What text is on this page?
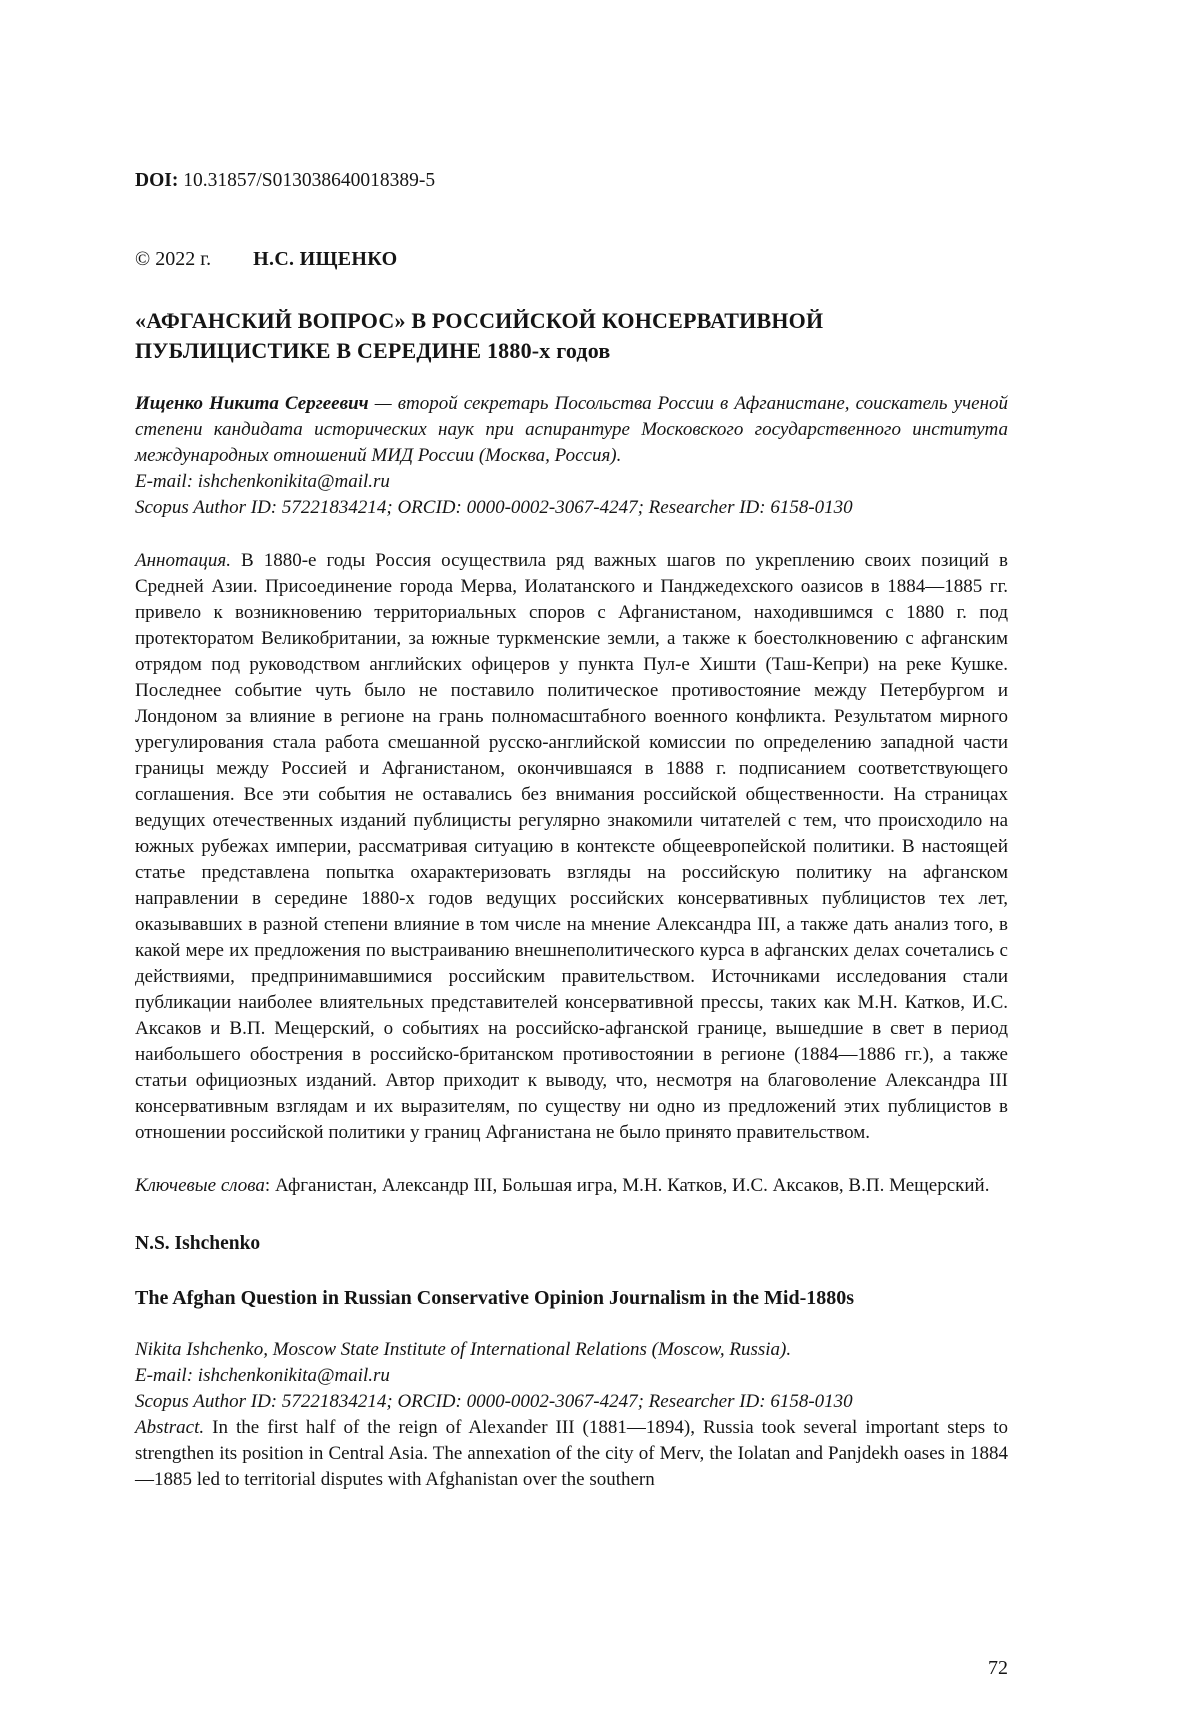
DOI: 10.31857/S013038640018389-5

© 2022 г. Н.С. ИЩЕНКО

«АФГАНСКИЙ ВОПРОС» В РОССИЙСКОЙ КОНСЕРВАТИВНОЙ ПУБЛИЦИСТИКЕ В СЕРЕДИНЕ 1880-х годов

Ищенко Никита Сергеевич — второй секретарь Посольства России в Афганистане, соискатель ученой степени кандидата исторических наук при аспирантуре Московского государственного института международных отношений МИД России (Москва, Россия).

E-mail: ishchenkonikita@mail.ru

Scopus Author ID: 57221834214; ORCID: 0000-0002-3067-4247; Researcher ID: 6158-0130

Аннотация. В 1880-е годы Россия осуществила ряд важных шагов по укреплению своих позиций в Средней Азии. Присоединение города Мерва, Иолатанского и Панджедехского оазисов в 1884—1885 гг. привело к возникновению территориальных споров с Афганистаном, находившимся с 1880 г. под протекторатом Великобритании, за южные туркменские земли, а также к боестолкновению с афганским отрядом под руководством английских офицеров у пункта Пул-е Хишти (Таш-Кепри) на реке Кушке. Последнее событие чуть было не поставило политическое противостояние между Петербургом и Лондоном за влияние в регионе на грань полномасштабного военного конфликта. Результатом мирного урегулирования стала работа смешанной русско-английской комиссии по определению западной части границы между Россией и Афганистаном, окончившаяся в 1888 г. подписанием соответствующего соглашения. Все эти события не оставались без внимания российской общественности. На страницах ведущих отечественных изданий публицисты регулярно знакомили читателей с тем, что происходило на южных рубежах империи, рассматривая ситуацию в контексте общеевропейской политики. В настоящей статье представлена попытка охарактеризовать взгляды на российскую политику на афганском направлении в середине 1880-х годов ведущих российских консервативных публицистов тех лет, оказывавших в разной степени влияние в том числе на мнение Александра III, а также дать анализ того, в какой мере их предложения по выстраиванию внешнеполитического курса в афганских делах сочетались с действиями, предпринимавшимися российским правительством. Источниками исследования стали публикации наиболее влиятельных представителей консервативной прессы, таких как М.Н. Катков, И.С. Аксаков и В.П. Мещерский, о событиях на российско-афганской границе, вышедшие в свет в период наибольшего обострения в российско-британском противостоянии в регионе (1884—1886 гг.), а также статьи официозных изданий. Автор приходит к выводу, что, несмотря на благоволение Александра III консервативным взглядам и их выразителям, по существу ни одно из предложений этих публицистов в отношении российской политики у границ Афганистана не было принято правительством.

Ключевые слова: Афганистан, Александр III, Большая игра, М.Н. Катков, И.С. Аксаков, В.П. Мещерский.

N.S. Ishchenko

The Afghan Question in Russian Conservative Opinion Journalism in the Mid-1880s

Nikita Ishchenko, Moscow State Institute of International Relations (Moscow, Russia).

E-mail: ishchenkonikita@mail.ru

Scopus Author ID: 57221834214; ORCID: 0000-0002-3067-4247; Researcher ID: 6158-0130

Abstract. In the first half of the reign of Alexander III (1881—1894), Russia took several important steps to strengthen its position in Central Asia. The annexation of the city of Merv, the Iolatan and Panjdekh oases in 1884—1885 led to territorial disputes with Afghanistan over the southern

72
